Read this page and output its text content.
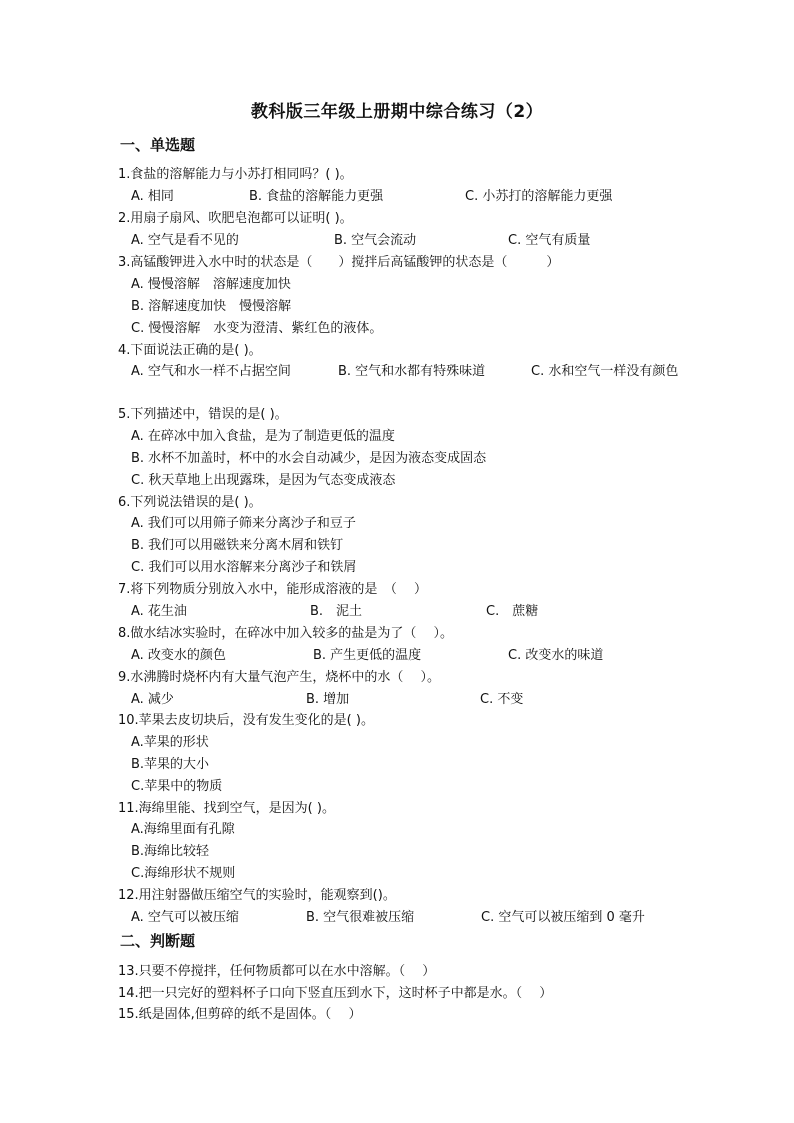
教科版三年级上册期中综合练习（2）
一、单选题
1.食盐的溶解能力与小苏打相同吗？( )。
A. 相同	B. 食盐的溶解能力更强	C. 小苏打的溶解能力更强
2.用扇子扇风、吹肥皂泡都可以证明( )。
A. 空气是看不见的	B. 空气会流动	C. 空气有质量
3.高锰酸钾进入水中时的状态是（　　）搅拌后高锰酸钾的状态是（　　　）
A. 慢慢溶解　溶解速度加快
B. 溶解速度加快　慢慢溶解
C. 慢慢溶解　水变为澄清、紫红色的液体。
4.下面说法正确的是( )。
A. 空气和水一样不占据空间	B. 空气和水都有特殊味道	C. 水和空气一样没有颜色
5.下列描述中，错误的是( )。
A. 在碎冰中加入食盐，是为了制造更低的温度
B. 水杯不加盖时，杯中的水会自动减少，是因为液态变成固态
C. 秋天草地上出现露珠，是因为气态变成液态
6.下列说法错误的是( )。
A. 我们可以用筛子筛来分离沙子和豆子
B. 我们可以用磁铁来分离木屑和铁钉
C. 我们可以用水溶解来分离沙子和铁屑
7.将下列物质分别放入水中，能形成溶液的是　（　 ）
A. 花生油	B.　泥土	C.　蔗糖
8.做水结冰实验时，在碎冰中加入较多的盐是为了（　 ）。
A. 改变水的颜色	B. 产生更低的温度	C. 改变水的味道
9.水沸腾时烧杯内有大量气泡产生，烧杯中的水（　 ）。
A. 减少	B. 增加	C. 不变
10.苹果去皮切块后，没有发生变化的是( )。
A.苹果的形状
B.苹果的大小
C.苹果中的物质
11.海绵里能、找到空气，是因为( )。
A.海绵里面有孔隙
B.海绵比较轻
C.海绵形状不规则
12.用注射器做压缩空气的实验时，能观察到()。
A. 空气可以被压缩	B. 空气很难被压缩	C. 空气可以被压缩到 0 毫升
二、判断题
13.只要不停搅拌，任何物质都可以在水中溶解。（　 ）
14.把一只完好的塑料杯子口向下竖直压到水下，这时杯子中都是水。（　 ）
15.纸是固体,但剪碎的纸不是固体。（　 ）
